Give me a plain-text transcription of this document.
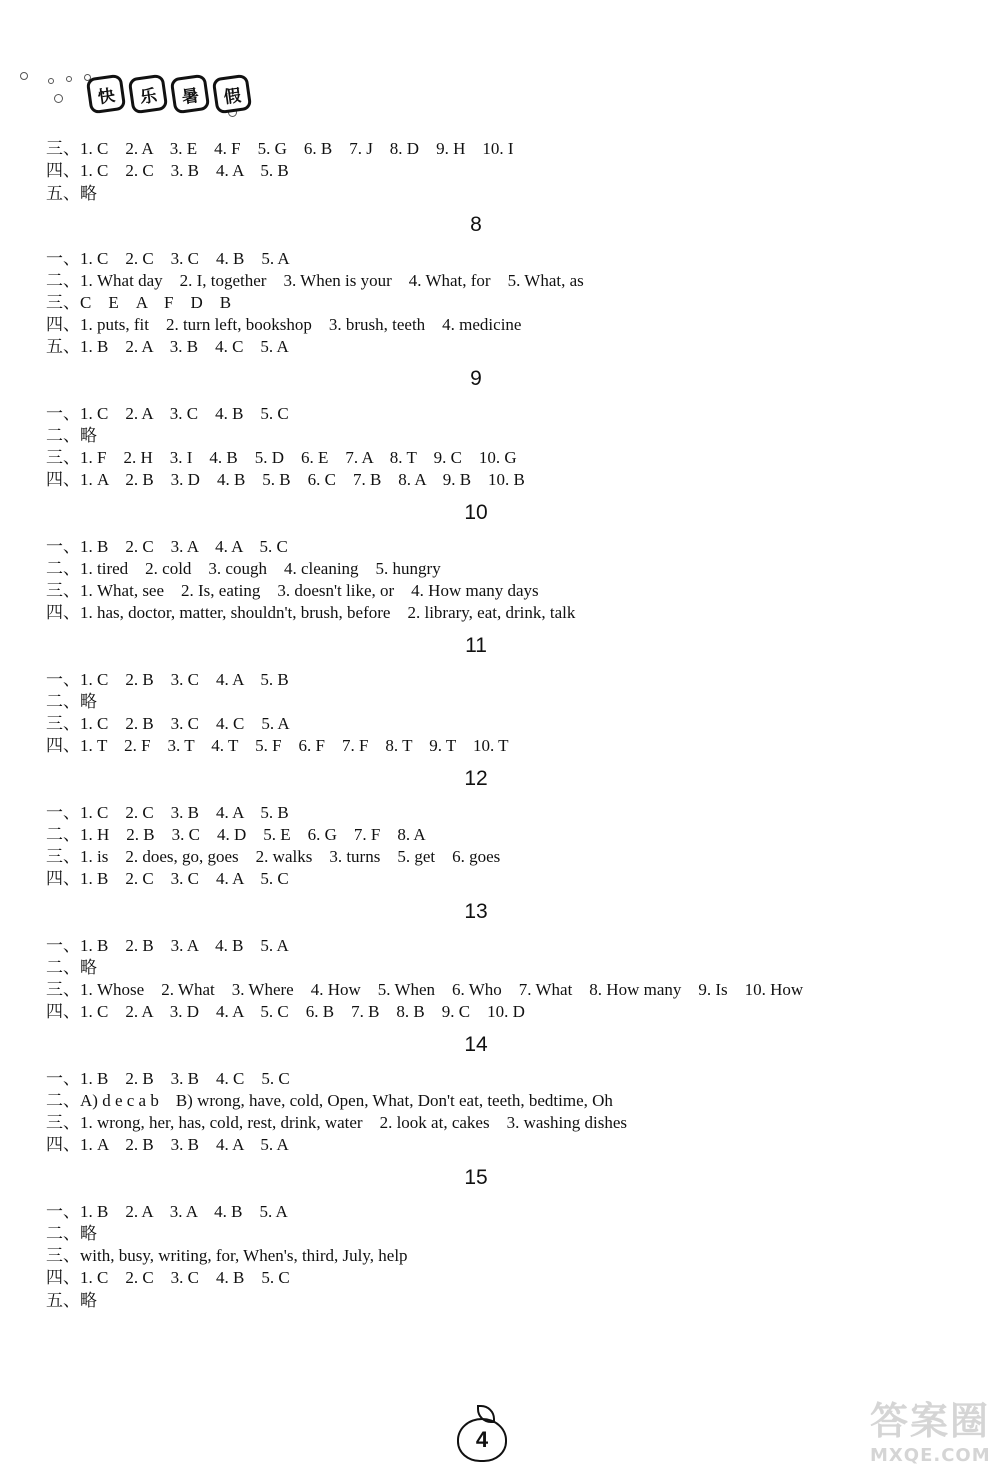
快	乐	暑	假
三、1. C　2. A　3. E　4. F　5. G　6. B　7. J　8. D　9. H　10. I
四、1. C　2. C　3. B　4. A　5. B
五、略
8
一、1. C　2. C　3. C　4. B　5. A
二、1. What day　2. I, together　3. When is your　4. What, for　5. What, as
三、C　E　A　F　D　B
四、1. puts, fit　2. turn left, bookshop　3. brush, teeth　4. medicine
五、1. B　2. A　3. B　4. C　5. A
9
一、1. C　2. A　3. C　4. B　5. C
二、略
三、1. F　2. H　3. I　4. B　5. D　6. E　7. A　8. T　9. C　10. G
四、1. A　2. B　3. D　4. B　5. B　6. C　7. B　8. A　9. B　10. B
10
一、1. B　2. C　3. A　4. A　5. C
二、1. tired　2. cold　3. cough　4. cleaning　5. hungry
三、1. What, see　2. Is, eating　3. doesn't like, or　4. How many days
四、1. has, doctor, matter, shouldn't, brush, before　2. library, eat, drink, talk
11
一、1. C　2. B　3. C　4. A　5. B
二、略
三、1. C　2. B　3. C　4. C　5. A
四、1. T　2. F　3. T　4. T　5. F　6. F　7. F　8. T　9. T　10. T
12
一、1. C　2. C　3. B　4. A　5. B
二、1. H　2. B　3. C　4. D　5. E　6. G　7. F　8. A
三、1. is　2. does, go, goes　2. walks　3. turns　5. get　6. goes
四、1. B　2. C　3. C　4. A　5. C
13
一、1. B　2. B　3. A　4. B　5. A
二、略
三、1. Whose　2. What　3. Where　4. How　5. When　6. Who　7. What　8. How many　9. Is　10. How
四、1. C　2. A　3. D　4. A　5. C　6. B　7. B　8. B　9. C　10. D
14
一、1. B　2. B　3. B　4. C　5. C
二、A) d e c a b　B) wrong, have, cold, Open, What, Don't eat, teeth, bedtime, Oh
三、1. wrong, her, has, cold, rest, drink, water　2. look at, cakes　3. washing dishes
四、1. A　2. B　3. B　4. A　5. A
15
一、1. B　2. A　3. A　4. B　5. A
二、略
三、with, busy, writing, for, When's, third, July, help
四、1. C　2. C　3. C　4. B　5. C
五、略
4	答案圈
MXQE.COM
